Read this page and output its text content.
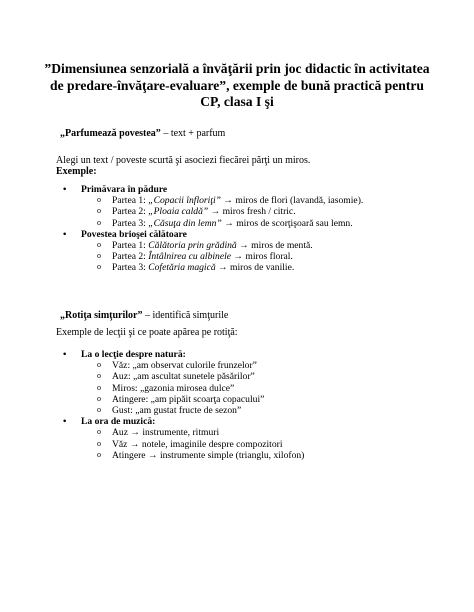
”Dimensiunea senzorială a învăţării prin joc didactic în activitatea
de predare-învăţare-evaluare”, exemple de bună practică pentru
CP, clasa I şi
„Parfumează povestea” – text + parfum
Alegi un text / poveste scurtă şi asociezi fiecărei părţi un miros.
Exemple:
• Primăvara în pădure
o Partea 1: „Copacii înfloriţi” → miros de flori (lavandă, iasomie).
o Partea 2: „Ploaia caldă” → miros fresh / citric.
o Partea 3: „Căsuţa din lemn” → miros de scorţişoară sau lemn.
• Povestea brioşei călătoare
o Partea 1: Călătoria prin grădină → miros de mentă.
o Partea 2: Întâlnirea cu albinele → miros floral.
o Partea 3: Cofetăria magică → miros de vanilie.
„Rotiţa simţurilor” – identifică simţurile
Exemple de lecţii şi ce poate apărea pe rotiţă:
• La o lecţie despre natură:
o Văz: „am observat culorile frunzelor”
o Auz: „am ascultat sunetele păsărilor”
o Miros: „gazonia mirosea dulce”
o Atingere: „am pipăit scoarţa copacului”
o Gust: „am gustat fructe de sezon”
• La ora de muzică:
o Auz → instrumente, ritmuri
o Văz → notele, imaginile despre compozitori
o Atingere → instrumente simple (trianglu, xilofon)
